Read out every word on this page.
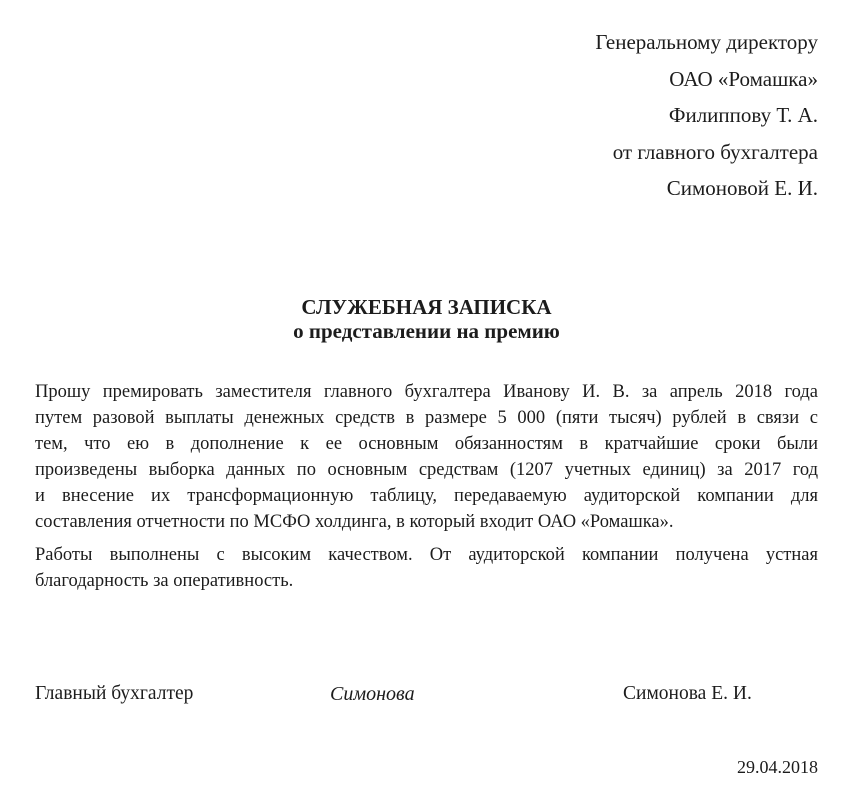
Генеральному директору
ОАО «Ромашка»
Филиппову Т. А.
от главного бухгалтера
Симоновой Е. И.
СЛУЖЕБНАЯ ЗАПИСКА
о представлении на премию
Прошу премировать заместителя главного бухгалтера Иванову И. В. за апрель 2018 года
путем разовой выплаты денежных средств в размере 5 000 (пяти тысяч) рублей в связи с
тем, что ею в дополнение к ее основным обязанностям в кратчайшие сроки были
произведены выборка данных по основным средствам (1207 учетных единиц) за 2017 год
и внесение их трансформационную таблицу, передаваемую аудиторской компании для
составления отчетности по МСФО холдинга, в который входит ОАО «Ромашка».
Работы выполнены с высоким качеством. От аудиторской компании получена устная
благодарность за оперативность.
Главный бухгалтер	Симонова	Симонова Е. И.
29.04.2018
